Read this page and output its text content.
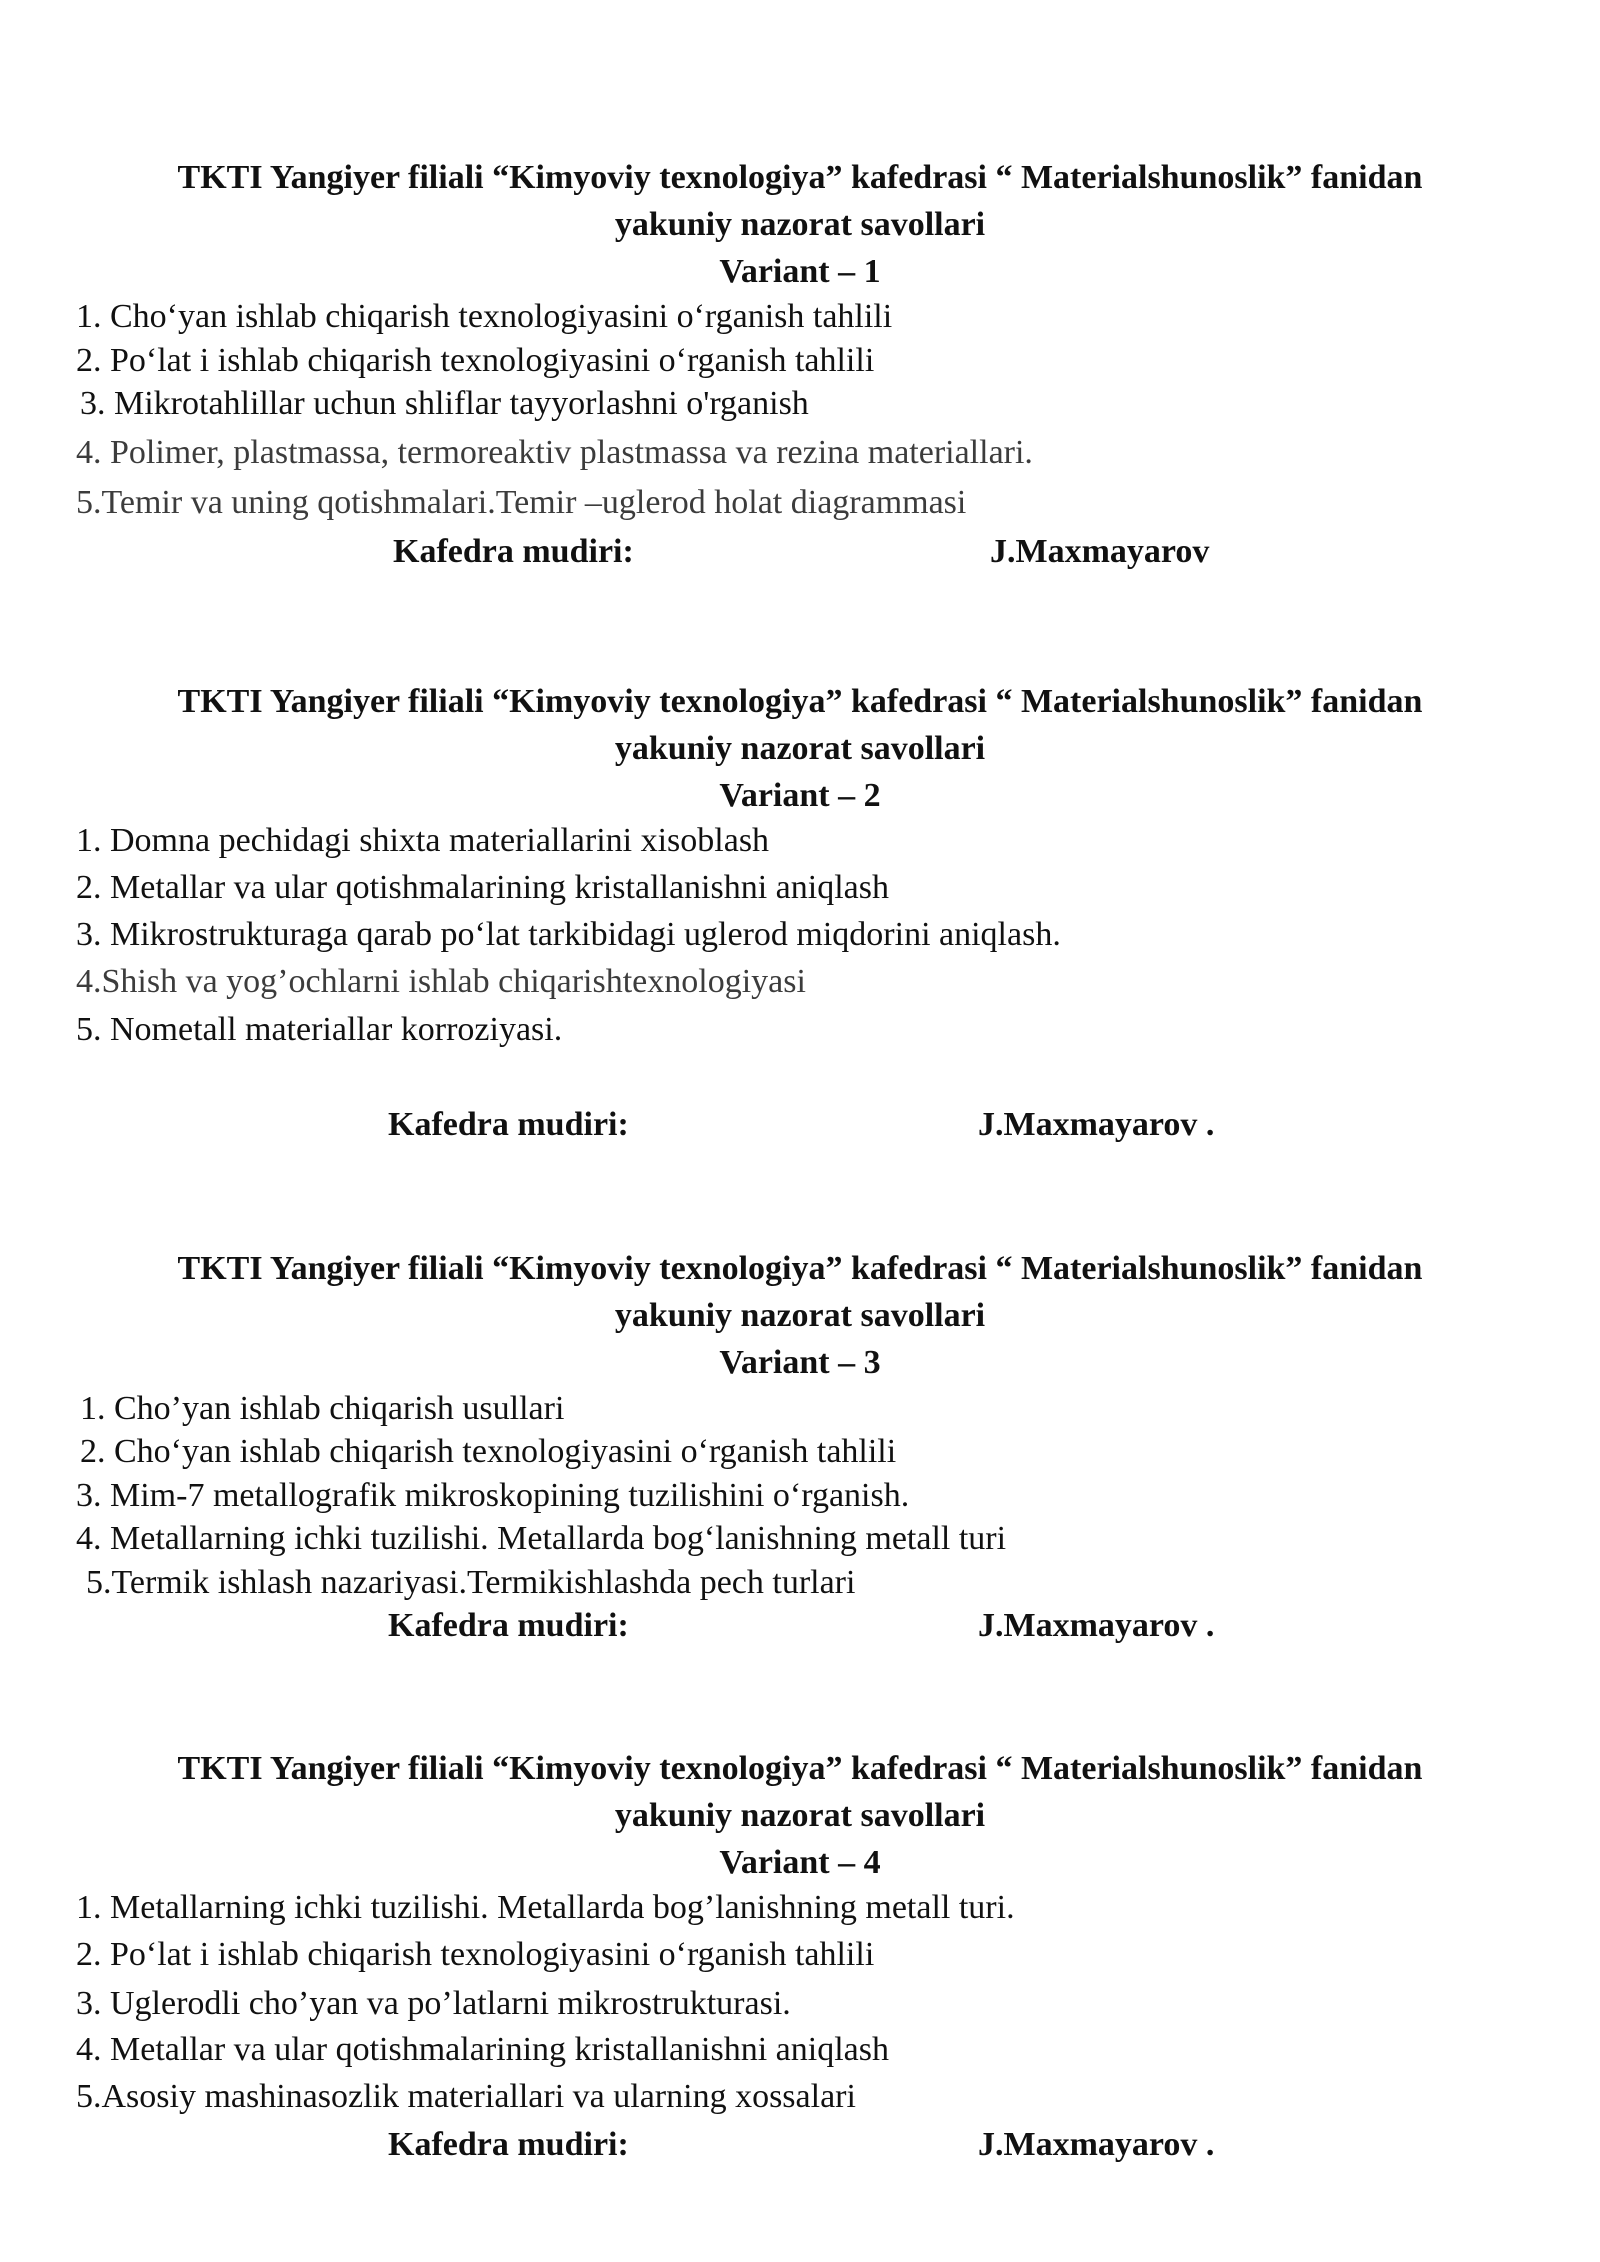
TKTI Yangiyer filiali “Kimyoviy texnologiya” kafedrasi “ Materialshunoslik” fanidan
yakuniy nazorat savollari
Variant – 1
1. Cho‘yan ishlab chiqarish texnologiyasini o‘rganish tahlili
2. Po‘lat i ishlab chiqarish texnologiyasini o‘rganish tahlili
3. Mikrotahlillar uchun shliflar tayyorlashni o'rganish
4. Polimer, plastmassa, termoreaktiv plastmassa va rezina materiallari.
5.Temir va uning qotishmalari.Temir –uglerod holat diagrammasi
Kafedra mudiri:	J.Maxmayarov
TKTI Yangiyer filiali “Kimyoviy texnologiya” kafedrasi “ Materialshunoslik” fanidan
yakuniy nazorat savollari
Variant – 2
1. Domna pechidagi shixta materiallarini xisoblash
2. Metallar va ular qotishmalarining kristallanishni aniqlash
3. Mikrostrukturaga qarab po‘lat tarkibidagi uglerod miqdorini aniqlash.
4.Shish va yog’ochlarni ishlab chiqarishtexnologiyasi
5. Nometall materiallar korroziyasi.
Kafedra mudiri:	J.Maxmayarov .
TKTI Yangiyer filiali “Kimyoviy texnologiya” kafedrasi “ Materialshunoslik” fanidan
yakuniy nazorat savollari
Variant – 3
1. Cho’yan ishlab chiqarish usullari
2. Cho‘yan ishlab chiqarish texnologiyasini o‘rganish tahlili
3. Mim-7 metallografik mikroskopining tuzilishini o‘rganish.
4. Metallarning ichki tuzilishi. Metallarda bog‘lanishning metall turi
5.Termik ishlash nazariyasi.Termikishlashda pech turlari
Kafedra mudiri:	J.Maxmayarov .
TKTI Yangiyer filiali “Kimyoviy texnologiya” kafedrasi “ Materialshunoslik” fanidan
yakuniy nazorat savollari
Variant – 4
1. Metallarning ichki tuzilishi. Metallarda bog’lanishning metall turi.
2. Po‘lat i ishlab chiqarish texnologiyasini o‘rganish tahlili
3. Uglerodli cho’yan va po’latlarni mikrostrukturasi.
4. Metallar va ular qotishmalarining kristallanishni aniqlash
5.Asosiy mashinasozlik materiallari va ularning xossalari
Kafedra mudiri:	J.Maxmayarov .
